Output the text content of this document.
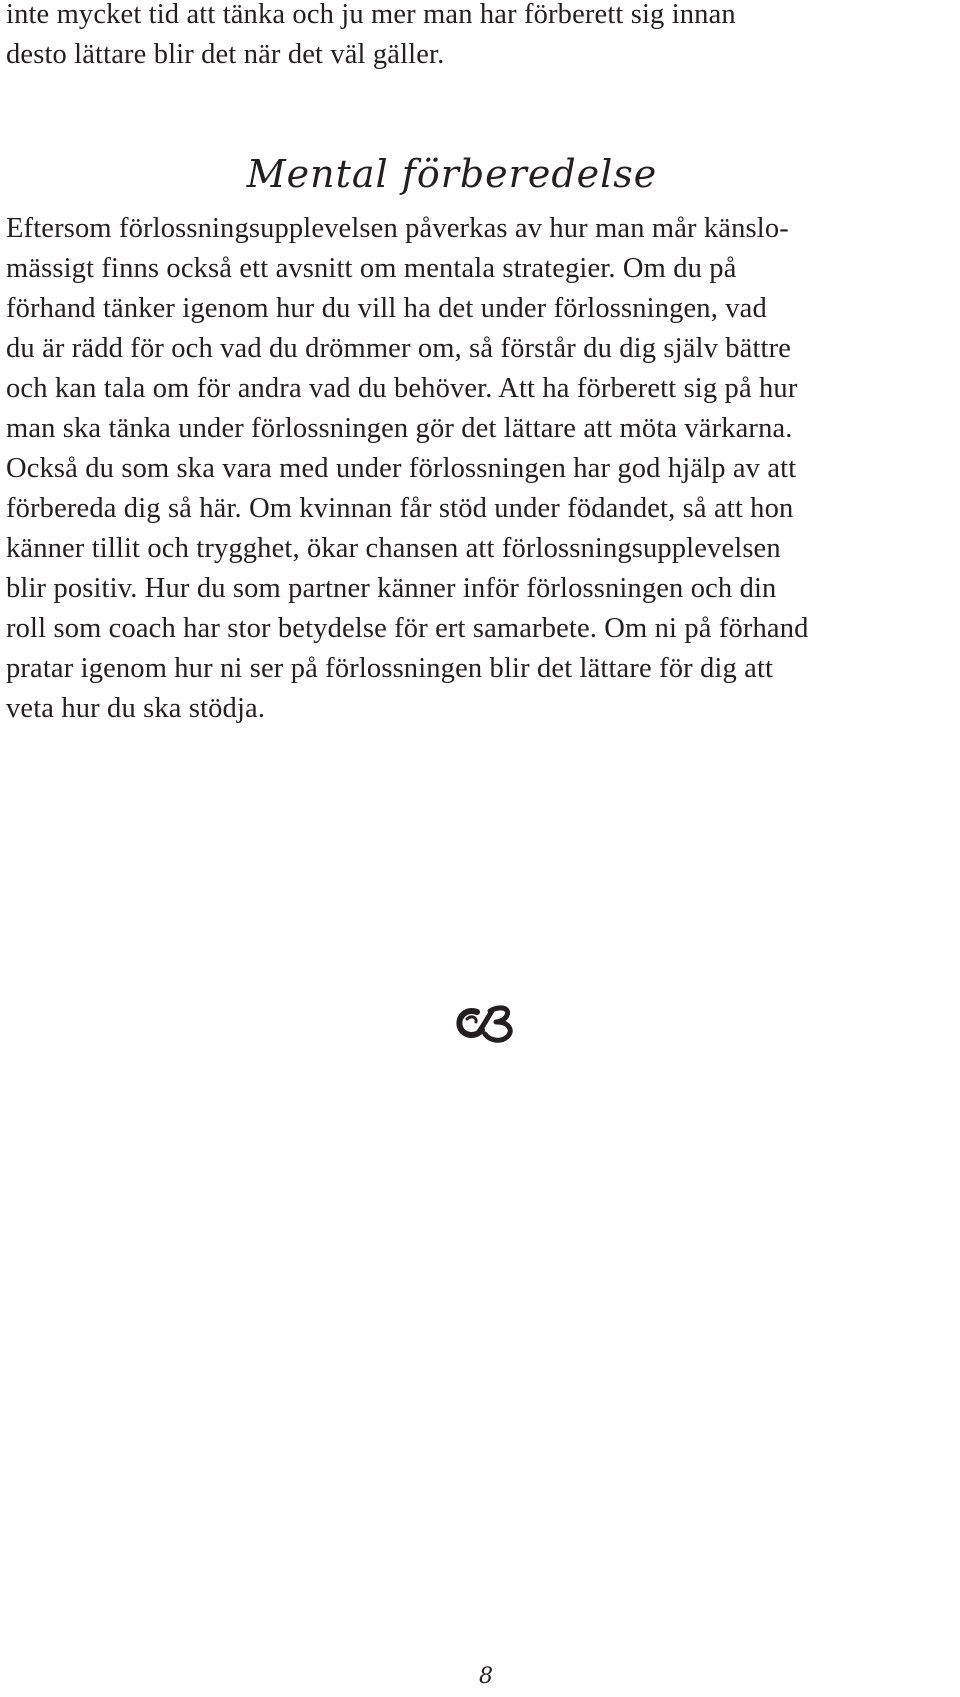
inte mycket tid att tänka och ju mer man har förberett sig innan
desto lättare blir det när det väl gäller.

Mental förberedelse

Eftersom förlossningsupplevelsen påverkas av hur man mår känslo-
mässigt finns också ett avsnitt om mentala strategier. Om du på
förhand tänker igenom hur du vill ha det under förlossningen, vad
du är rädd för och vad du drömmer om, så förstår du dig själv bättre
och kan tala om för andra vad du behöver. Att ha förberett sig på hur
man ska tänka under förlossningen gör det lättare att möta värkarna.
Också du som ska vara med under förlossningen har god hjälp av att
förbereda dig så här. Om kvinnan får stöd under födandet, så att hon
känner tillit och trygghet, ökar chansen att förlossningsupplevelsen
blir positiv. Hur du som partner känner inför förlossningen och din
roll som coach har stor betydelse för ert samarbete. Om ni på förhand
pratar igenom hur ni ser på förlossningen blir det lättare för dig att
veta hur du ska stödja.

8
